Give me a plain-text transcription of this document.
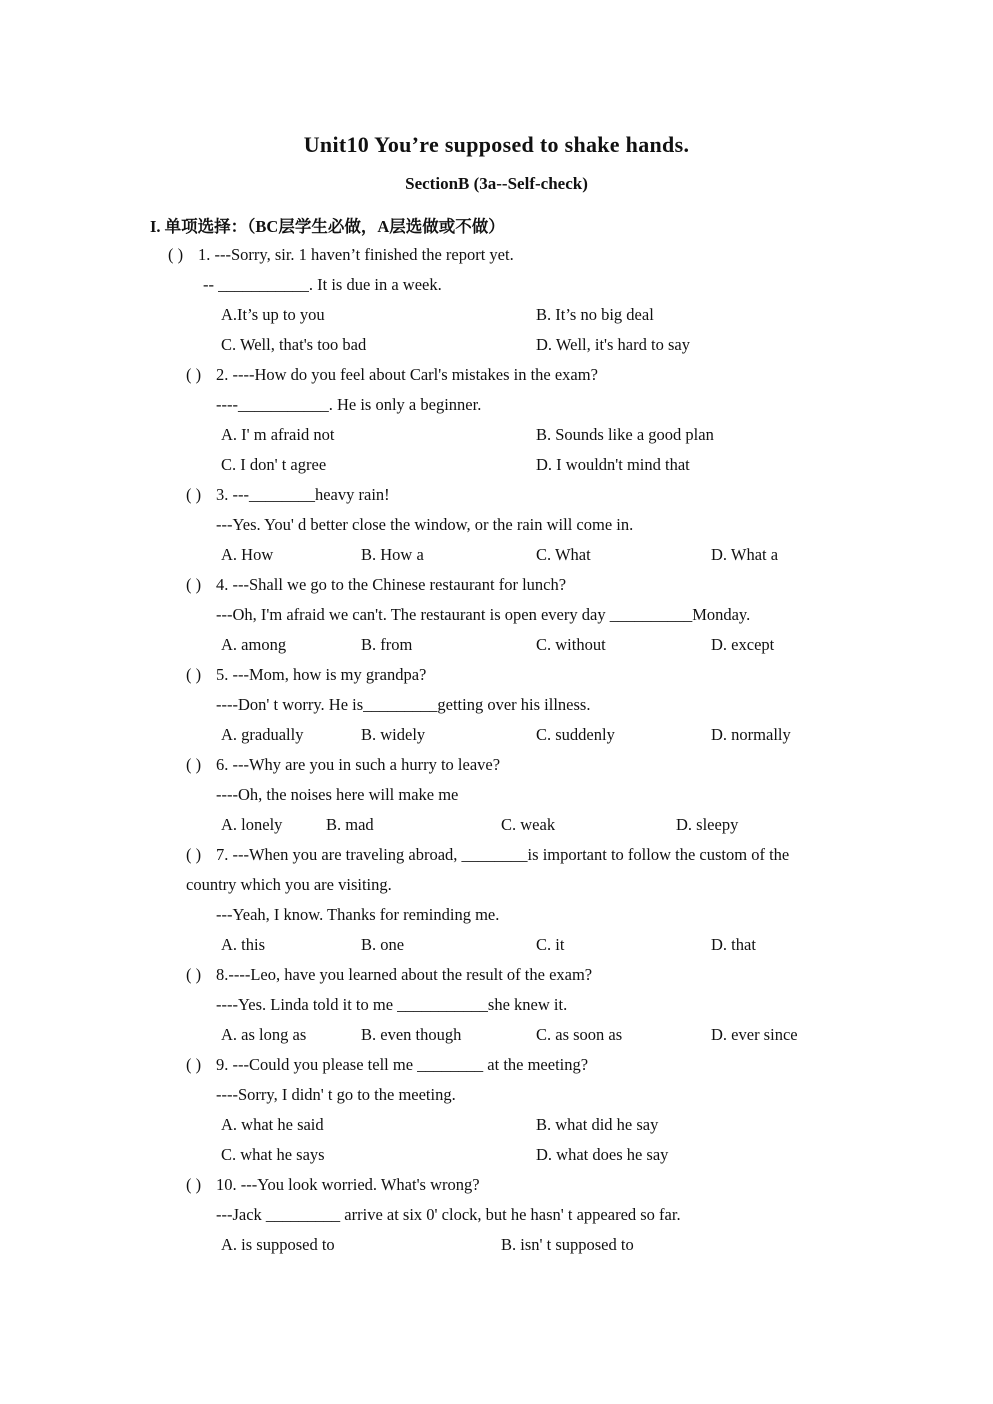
Unit10 You’re supposed to shake hands.
SectionB (3a--Self-check)
I. 单项选择：（BC层学生必做，A层选做或不做）
( ) 1. ---Sorry, sir. 1 haven’t finished the report yet.
-- ___________. It is due in a week.
A.It’s up to you	B. It’s no big deal
C. Well, that's too bad	D. Well, it's hard to say
( ) 2. ----How do you feel about Carl's mistakes in the exam?
----___________. He is only a beginner.
A. I' m afraid not	B. Sounds like a good plan
C. I don' t agree	D. I wouldn't mind that
( ) 3. ---________heavy rain!
---Yes. You' d better close the window, or the rain will come in.
A. How	B. How a	C. What	D. What a
( ) 4. ---Shall we go to the Chinese restaurant for lunch?
---Oh, I'm afraid we can't. The restaurant is open every day __________Monday.
A. among	B. from	C. without	D. except
( ) 5. ---Mom, how is my grandpa?
----Don' t worry. He is_________getting over his illness.
A. gradually	B. widely	C. suddenly	D. normally
( ) 6. ---Why are you in such a hurry to leave?
----Oh, the noises here will make me
A. lonely	B. mad	C. weak	D. sleepy
( ) 7. ---When you are traveling abroad, ________is important to follow the custom of the
country which you are visiting.
---Yeah, I know. Thanks for reminding me.
A. this	B. one	C. it	D. that
( ) 8.----Leo, have you learned about the result of the exam?
----Yes. Linda told it to me ___________she knew it.
A. as long as	B. even though	C. as soon as	D. ever since
( ) 9. ---Could you please tell me ________ at the meeting?
----Sorry, I didn' t go to the meeting.
A. what he said	B. what did he say
C. what he says	D. what does he say
( ) 10. ---You look worried. What's wrong?
---Jack _________ arrive at six 0' clock, but he hasn' t appeared so far.
A. is supposed to	B. isn' t supposed to
